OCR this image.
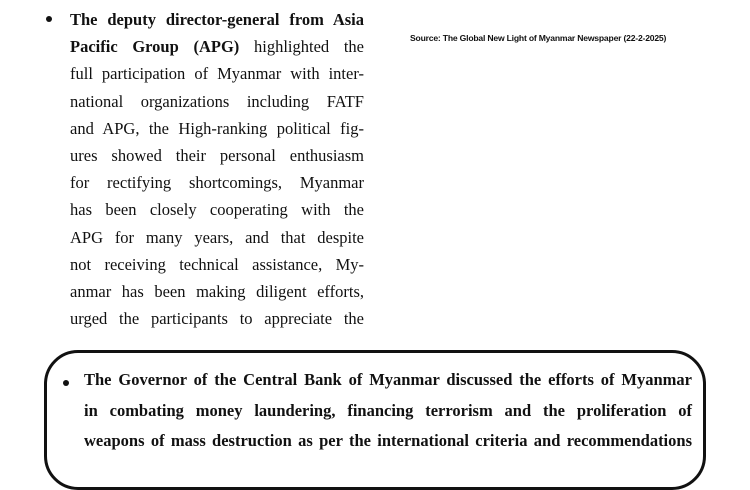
The deputy director-general from Asia
Pacific Group (APG) highlighted the
full participation of Myanmar with inter-
national organizations including FATF
and APG, the High-ranking political fig-
ures showed their personal enthusiasm
for rectifying shortcomings, Myanmar
has been closely cooperating with the
APG for many years, and that despite
not receiving technical assistance, My-
anmar has been making diligent efforts,
urged the participants to appreciate the
Source: The Global New Light of Myanmar Newspaper (22-2-2025)
The Governor of the Central Bank of Myanmar discussed the efforts of Myanmar
in combating money laundering, financing terrorism and the proliferation of
weapons of mass destruction as per the international criteria and recommendations
